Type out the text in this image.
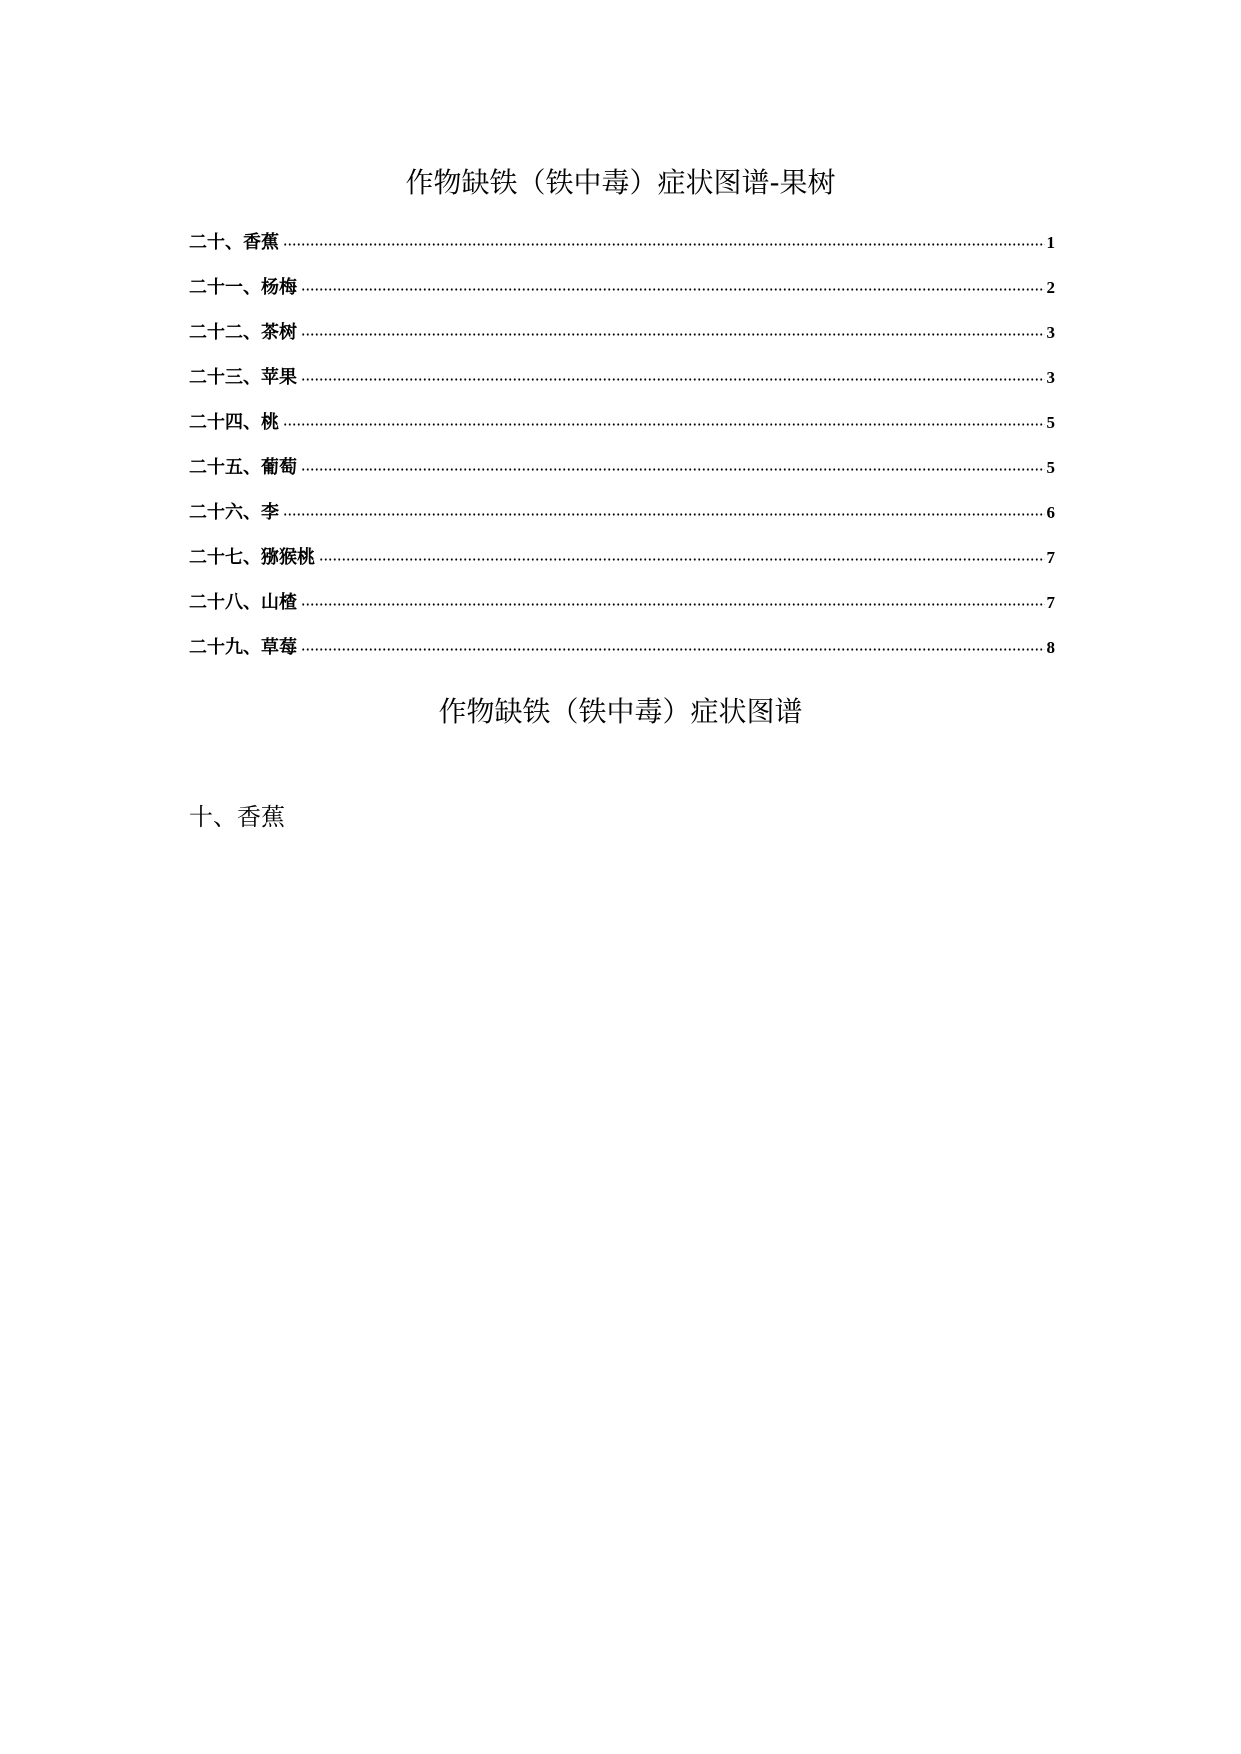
作物缺铁（铁中毒）症状图谱-果树
二十、香蕉	1
二十一、杨梅	2
二十二、茶树	3
二十三、苹果	3
二十四、桃	5
二十五、葡萄	5
二十六、李	6
二十七、猕猴桃	7
二十八、山楂	7
二十九、草莓	8
作物缺铁（铁中毒）症状图谱
十、香蕉
